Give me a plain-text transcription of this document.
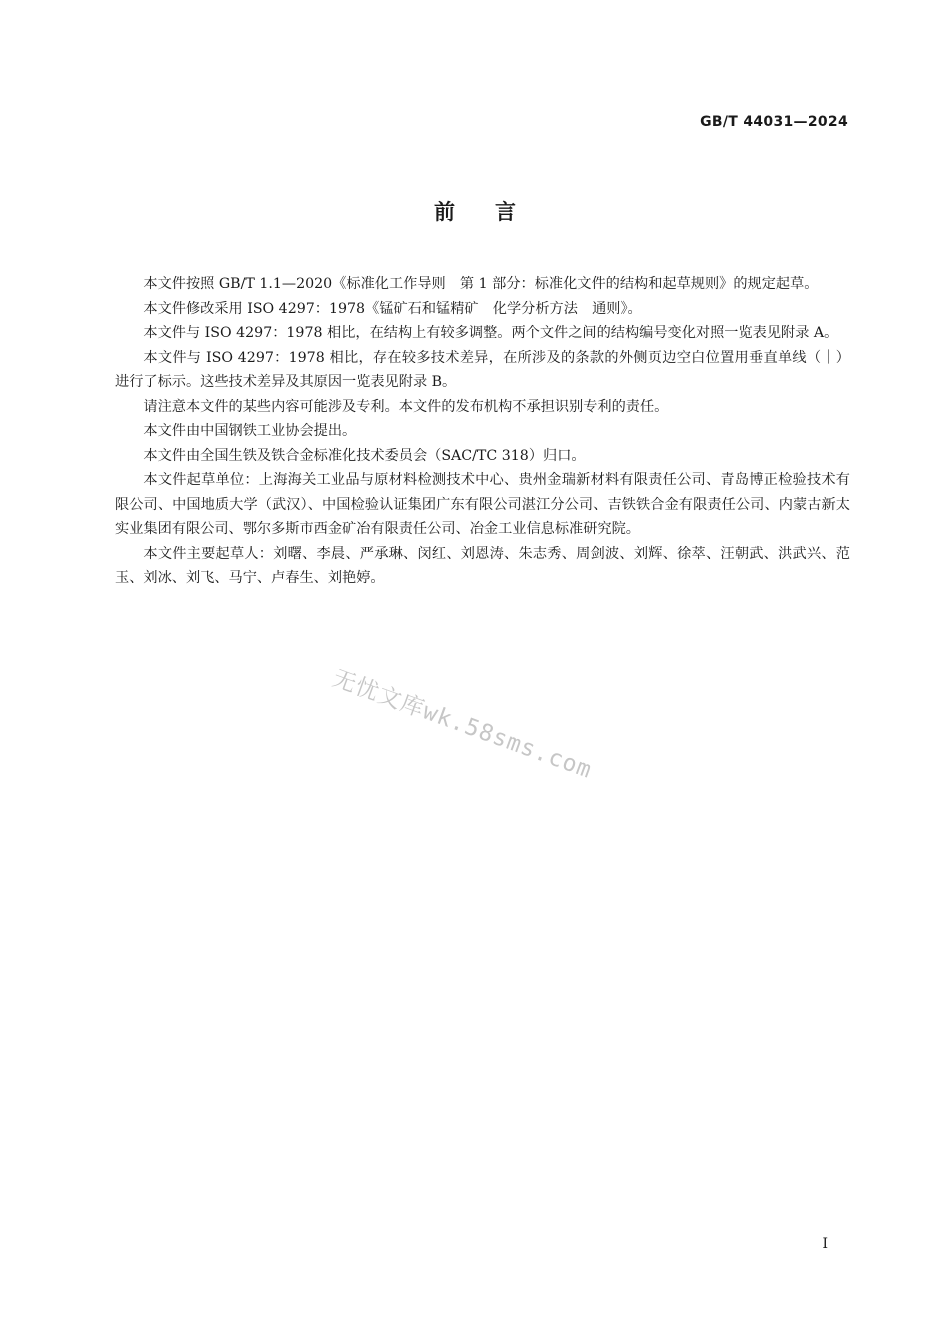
GB/T 44031—2024
前言

本文件按照 GB/T 1.1—2020《标准化工作导则　第 1 部分：标准化文件的结构和起草规则》的规定起草。

本文件修改采用 ISO 4297：1978《锰矿石和锰精矿　化学分析方法　通则》。

本文件与 ISO 4297：1978 相比，在结构上有较多调整。两个文件之间的结构编号变化对照一览表见附录 A。

本文件与 ISO 4297：1978 相比，存在较多技术差异，在所涉及的条款的外侧页边空白位置用垂直单线（｜）进行了标示。这些技术差异及其原因一览表见附录 B。

请注意本文件的某些内容可能涉及专利。本文件的发布机构不承担识别专利的责任。

本文件由中国钢铁工业协会提出。

本文件由全国生铁及铁合金标准化技术委员会（SAC/TC 318）归口。

本文件起草单位：上海海关工业品与原材料检测技术中心、贵州金瑞新材料有限责任公司、青岛博正检验技术有限公司、中国地质大学（武汉）、中国检验认证集团广东有限公司湛江分公司、吉铁铁合金有限责任公司、内蒙古新太实业集团有限公司、鄂尔多斯市西金矿冶有限责任公司、冶金工业信息标准研究院。

本文件主要起草人：刘曙、李晨、严承琳、闵红、刘恩涛、朱志秀、周剑波、刘辉、徐萃、汪朝武、洪武兴、范玉、刘冰、刘飞、马宁、卢春生、刘艳婷。

无忧文库wk.58sms.com
I
